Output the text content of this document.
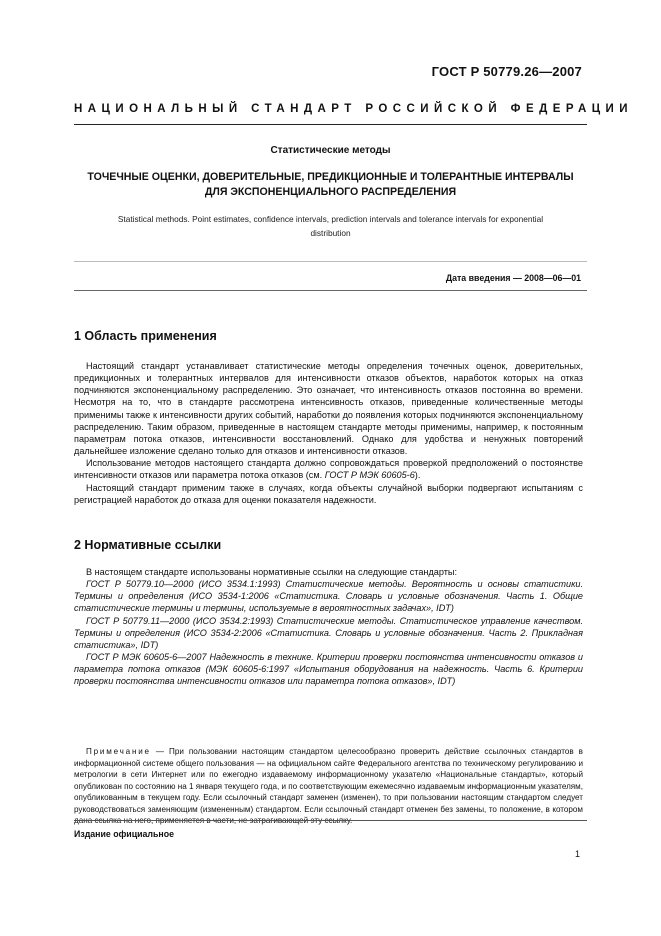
ГОСТ Р 50779.26—2007
НАЦИОНАЛЬНЫЙ СТАНДАРТ РОССИЙСКОЙ ФЕДЕРАЦИИ
Статистические методы
ТОЧЕЧНЫЕ ОЦЕНКИ, ДОВЕРИТЕЛЬНЫЕ, ПРЕДИКЦИОННЫЕ И ТОЛЕРАНТНЫЕ ИНТЕРВАЛЫ
ДЛЯ ЭКСПОНЕНЦИАЛЬНОГО РАСПРЕДЕЛЕНИЯ
Statistical methods. Point estimates, confidence intervals, prediction intervals and tolerance intervals for exponential
distribution
Дата введения — 2008—06—01
1 Область применения

Настоящий стандарт устанавливает статистические методы определения точечных оценок, доверительных, предикционных и толерантных интервалов для интенсивности отказов объектов, наработок которых на отказ подчиняются экспоненциальному распределению. Это означает, что интенсивность отказов постоянна во времени. Несмотря на то, что в стандарте рассмотрена интенсивность отказов, приведенные количественные методы применимы также к интенсивности других событий, наработки до появления которых подчиняются экспоненциальному распределению. Таким образом, приведенные в настоящем стандарте методы применимы, например, к постоянным параметрам потока отказов, интенсивности восстановлений. Однако для удобства и ненужных повторений дальнейшее изложение сделано только для отказов и интенсивности отказов.

Использование методов настоящего стандарта должно сопровождаться проверкой предположений о постоянстве интенсивности отказов или параметра потока отказов (см. ГОСТ Р МЭК 60605-6).

Настоящий стандарт применим также в случаях, когда объекты случайной выборки подвергают испытаниям с регистрацией наработок до отказа для оценки показателя надежности.

2 Нормативные ссылки

В настоящем стандарте использованы нормативные ссылки на следующие стандарты:

ГОСТ Р 50779.10—2000 (ИСО 3534.1:1993) Статистические методы. Вероятность и основы статистики. Термины и определения (ИСО 3534-1:2006 «Статистика. Словарь и условные обозначения. Часть 1. Общие статистические термины и термины, используемые в вероятностных задачах», IDT)

ГОСТ Р 50779.11—2000 (ИСО 3534.2:1993) Статистические методы. Статистическое управление качеством. Термины и определения (ИСО 3534-2:2006 «Статистика. Словарь и условные обозначения. Часть 2. Прикладная статистика», IDT)

ГОСТ Р МЭК 60605-6—2007 Надежность в технике. Критерии проверки постоянства интенсивности отказов и параметра потока отказов (МЭК 60605-6:1997 «Испытания оборудования на надежность. Часть 6. Критерии проверки постоянства интенсивности отказов или параметра потока отказов», IDT)

Примечание — При пользовании настоящим стандартом целесообразно проверить действие ссылочных стандартов в информационной системе общего пользования — на официальном сайте Федерального агентства по техническому регулированию и метрологии в сети Интернет или по ежегодно издаваемому информационному указателю «Национальные стандарты», который опубликован по состоянию на 1 января текущего года, и по соответствующим ежемесячно издаваемым информационным указателям, опубликованным в текущем году. Если ссылочный стандарт заменен (изменен), то при пользовании настоящим стандартом следует руководствоваться заменяющим (измененным) стандартом. Если ссылочный стандарт отменен без замены, то положение, в котором дана ссылка на него, применяется в части, не затрагивающей эту ссылку.

Издание официальное
1
